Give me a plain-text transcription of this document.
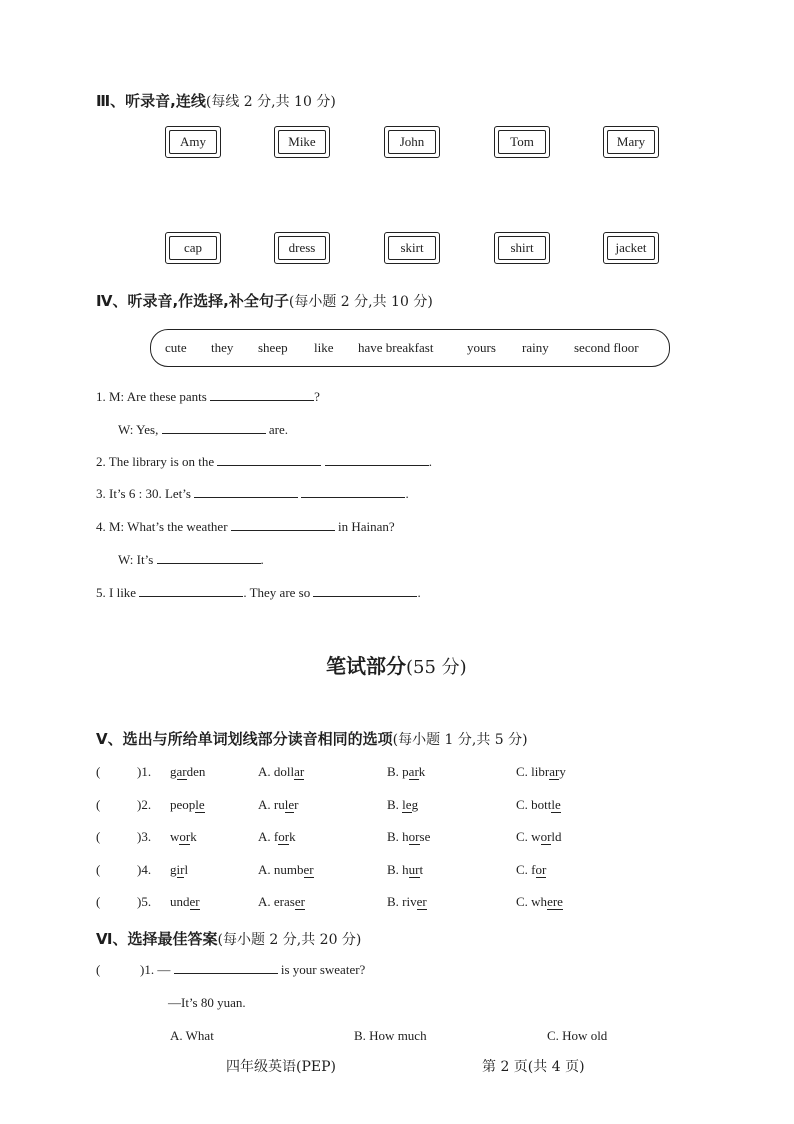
Ⅲ、听录音,连线(每线 2 分,共 10 分)
Amy	Mike	John	Tom	Mary
cap	dress	skirt	shirt	jacket
Ⅳ、听录音,作选择,补全句子(每小题 2 分,共 10 分)
cute they sheep like have breakfast	yours rainy second floor
1. M: Are these pants	?
W: Yes,	are.
2. The library is on the	.
3. It’s 6 : 30. Let’s	.
4. M: What’s the weather	in Hainan?
W: It’s	.
5. I like	. They are so	.
笔试部分(55 分)
Ⅴ、选出与所给单词划线部分读音相同的选项(每小题 1 分,共 5 分)
(	)1. garden	A. dollar	B. park	C. library
(	)2. people	A. ruler	B. leg	C. bottle
(	)3. work	A. fork	B. horse	C. world
(	)4. girl	A. number	B. hurt	C. for
(	)5. under	A. eraser	B. river	C. where
Ⅵ、选择最佳答案(每小题 2 分,共 20 分)
(	)1. —	is your sweater?
—It’s 80 yuan.
A. What	B. How much	C. How old
四年级英语(PEP)	第 2 页(共 4 页)
